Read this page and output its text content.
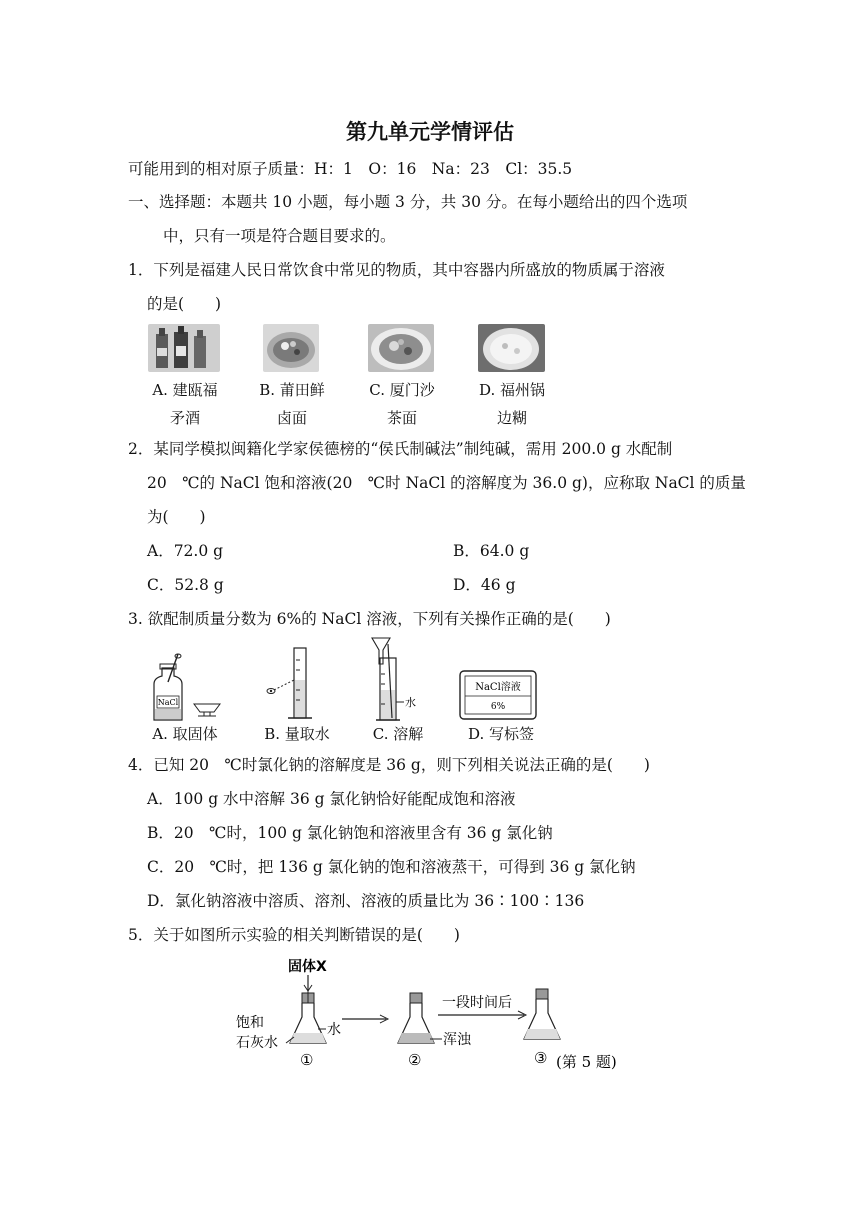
第九单元学情评估
可能用到的相对原子质量：H：1　O：16　Na：23　Cl：35.5
一、选择题：本题共 10 小题，每小题 3 分，共 30 分。在每小题给出的四个选项
中，只有一项是符合题目要求的。
1．下列是福建人民日常饮食中常见的物质，其中容器内所盛放的物质属于溶液
的是(　　)
A. 建瓯福
矛酒
B. 莆田鲜
卤面
C. 厦门沙
茶面
D. 福州锅
边糊
2．某同学模拟闽籍化学家侯德榜的“侯氏制碱法”制纯碱，需用 200.0 g 水配制
20　℃的 NaCl 饱和溶液(20　℃时 NaCl 的溶解度为 36.0 g)，应称取 NaCl 的质量
为(　　)
A．72.0 g	B．64.0 g
C．52.8 g	D．46 g
3. 欲配制质量分数为 6%的 NaCl 溶液，下列有关操作正确的是(　　)
NaCl	水
NaCl溶液
6%
A. 取固体	B. 量取水	C. 溶解	D. 写标签
4．已知 20　℃时氯化钠的溶解度是 36 g，则下列相关说法正确的是(　　)
A．100 g 水中溶解 36 g 氯化钠恰好能配成饱和溶液
B．20　℃时，100 g 氯化钠饱和溶液里含有 36 g 氯化钠
C．20　℃时，把 136 g 氯化钠的饱和溶液蒸干，可得到 36 g 氯化钠
D．氯化钠溶液中溶质、溶剂、溶液的质量比为 36∶100∶136
5．关于如图所示实验的相关判断错误的是(　　)
固体X
饱和
石灰水
水
①
浑浊
②
一段时间后
③ (第 5 题)
